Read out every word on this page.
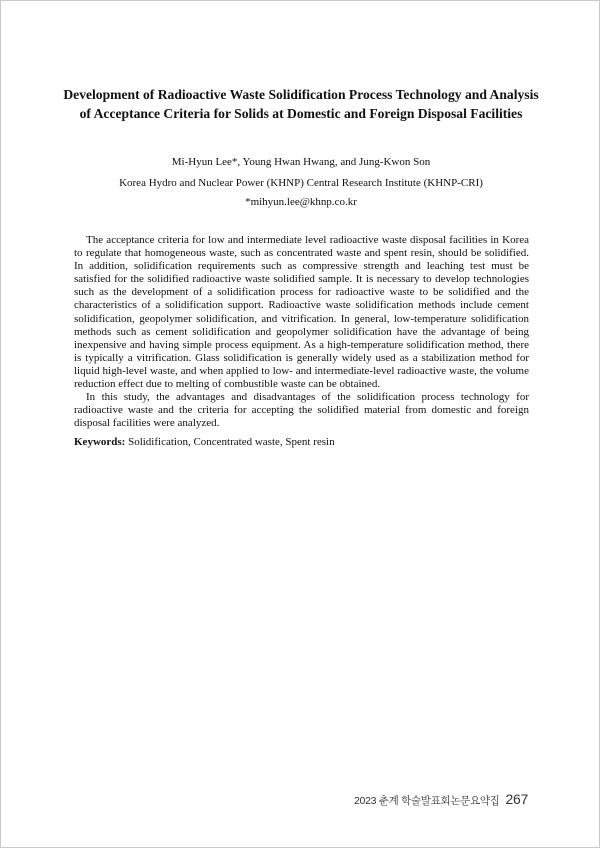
Development of Radioactive Waste Solidification Process Technology and Analysis of Acceptance Criteria for Solids at Domestic and Foreign Disposal Facilities
Mi-Hyun Lee*, Young Hwan Hwang, and Jung-Kwon Son
Korea Hydro and Nuclear Power (KHNP) Central Research Institute (KHNP-CRI)
*mihyun.lee@khnp.co.kr

The acceptance criteria for low and intermediate level radioactive waste disposal facilities in Korea to regulate that homogeneous waste, such as concentrated waste and spent resin, should be solidified. In addition, solidification requirements such as compressive strength and leaching test must be satisfied for the solidified radioactive waste solidified sample. It is necessary to develop technologies such as the development of a solidification process for radioactive waste to be solidified and the characteristics of a solidification support. Radioactive waste solidification methods include cement solidification, geopolymer solidification, and vitrification. In general, low-temperature solidification methods such as cement solidification and geopolymer solidification have the advantage of being inexpensive and having simple process equipment. As a high-temperature solidification method, there is typically a vitrification. Glass solidification is generally widely used as a stabilization method for liquid high-level waste, and when applied to low- and intermediate-level radioactive waste, the volume reduction effect due to melting of combustible waste can be obtained.

In this study, the advantages and disadvantages of the solidification process technology for radioactive waste and the criteria for accepting the solidified material from domestic and foreign disposal facilities were analyzed.

Keywords: Solidification, Concentrated waste, Spent resin
2023 춘계 학술발표회논문요약집 267
